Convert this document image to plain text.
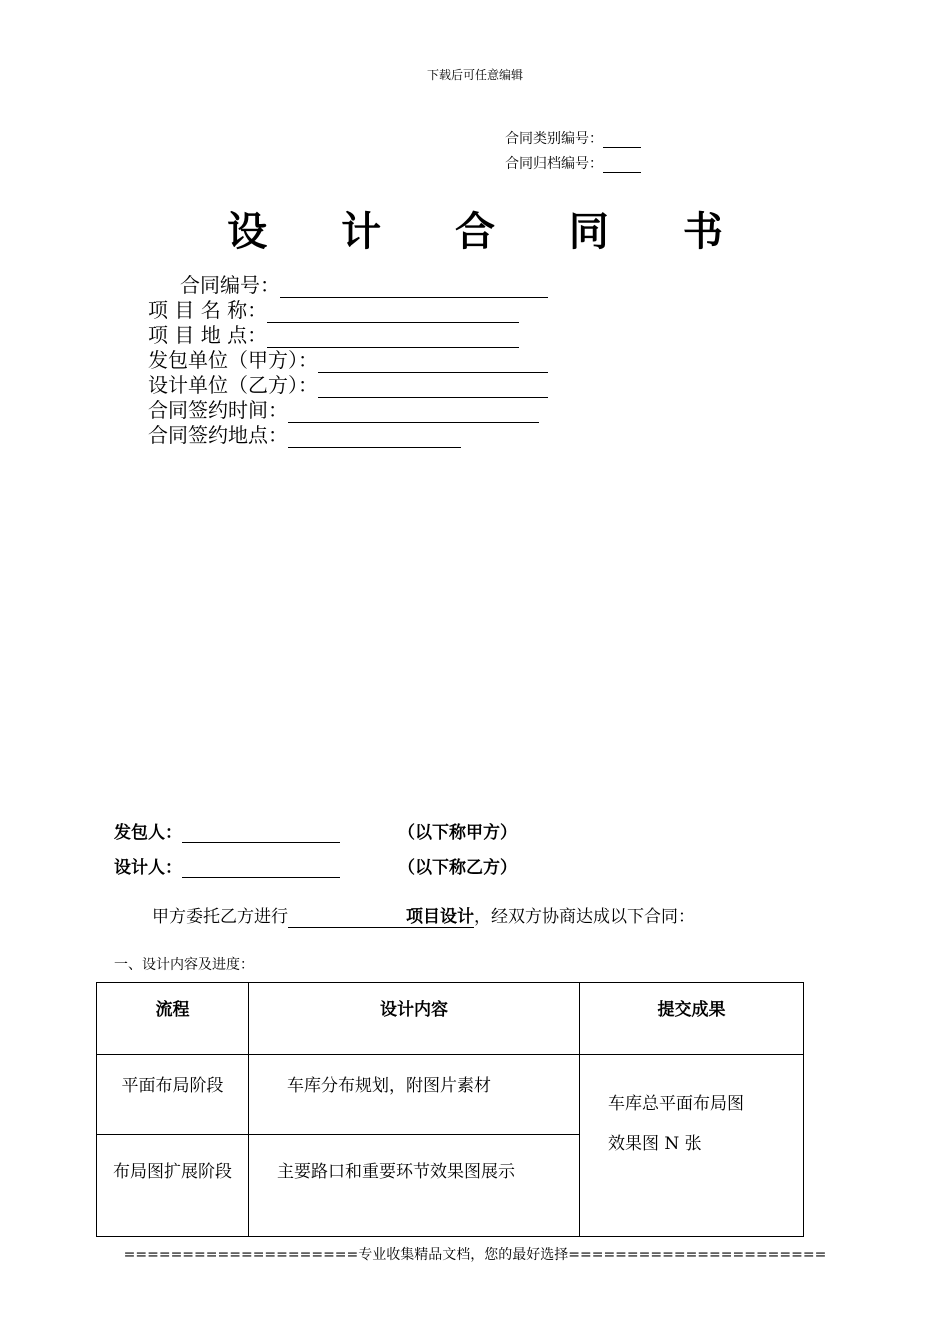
下载后可任意编辑
合同类别编号：
合同归档编号：
设 计 合 同 书
合同编号：
项 目 名 称：
项 目 地 点：
发包单位（甲方）：
设计单位（乙方）：
合同签约时间：
合同签约地点：
发包人：	（以下称甲方）
设计人：	（以下称乙方）
甲方委托乙方进行	项目设计，经双方协商达成以下合同：
一、设计内容及进度：
流程	设计内容	提交成果
平面布局阶段	车库分布规划，附图片素材	车库总平面布局图
效果图 N 张

布局图扩展阶段	主要路口和重要环节效果图展示	
====================专业收集精品文档，您的最好选择======================
